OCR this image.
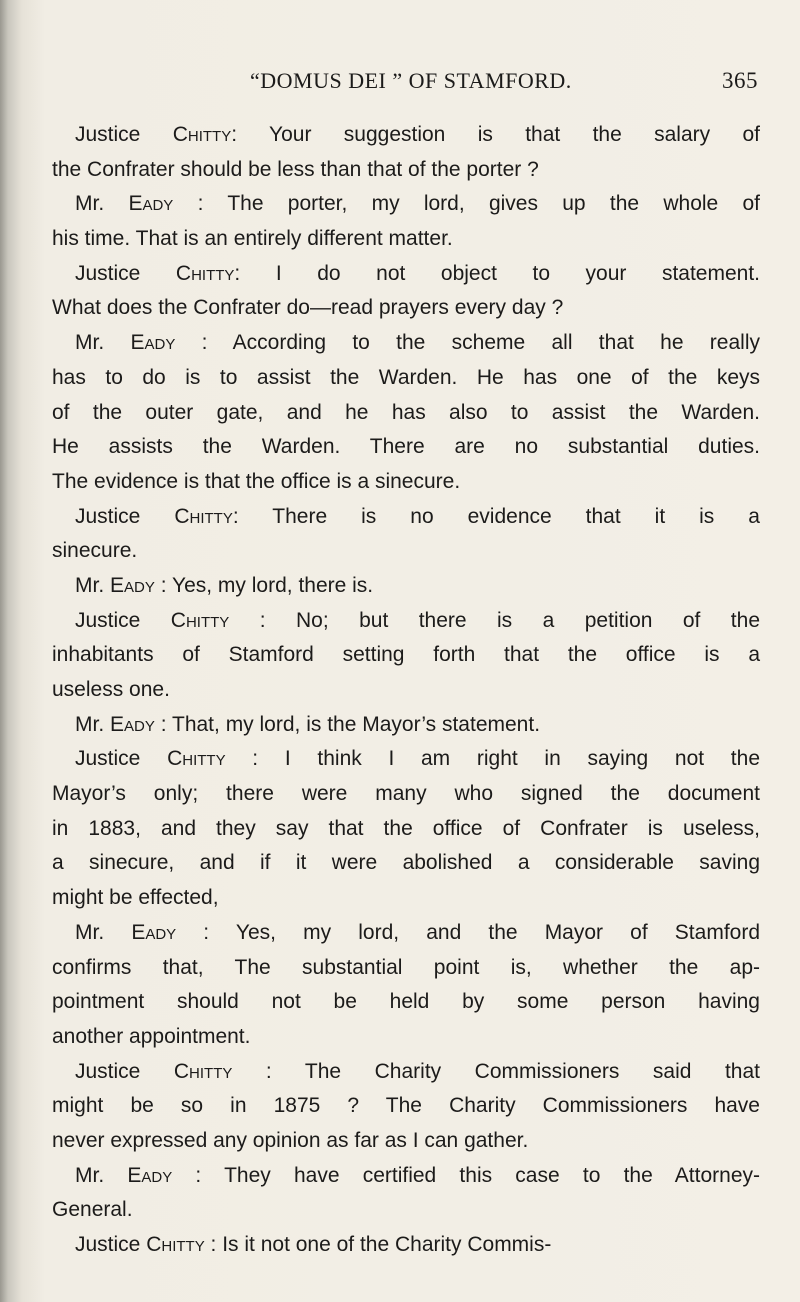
“DOMUS DEI ” OF STAMFORD.	365
Justice Chitty: Your suggestion is that the salary of
the Confrater should be less than that of the porter ?
Mr. Eady : The porter, my lord, gives up the whole of
his time. That is an entirely different matter.
Justice Chitty: I do not object to your statement.
What does the Confrater do—read prayers every day ?
Mr. Eady : According to the scheme all that he really
has to do is to assist the Warden. He has one of the keys
of the outer gate, and he has also to assist the Warden.
He assists the Warden. There are no substantial duties.
The evidence is that the office is a sinecure.
Justice Chitty: There is no evidence that it is a
sinecure.
Mr. Eady : Yes, my lord, there is.
Justice Chitty : No; but there is a petition of the
inhabitants of Stamford setting forth that the office is a
useless one.
Mr. Eady : That, my lord, is the Mayor’s statement.
Justice Chitty : I think I am right in saying not the
Mayor’s only; there were many who signed the document
in 1883, and they say that the office of Confrater is useless,
a sinecure, and if it were abolished a considerable saving
might be effected,
Mr. Eady : Yes, my lord, and the Mayor of Stamford
confirms that, The substantial point is, whether the ap-
pointment should not be held by some person having
another appointment.
Justice Chitty : The Charity Commissioners said that
might be so in 1875 ? The Charity Commissioners have
never expressed any opinion as far as I can gather.
Mr. Eady : They have certified this case to the Attorney-
General.
Justice Chitty : Is it not one of the Charity Commis-
